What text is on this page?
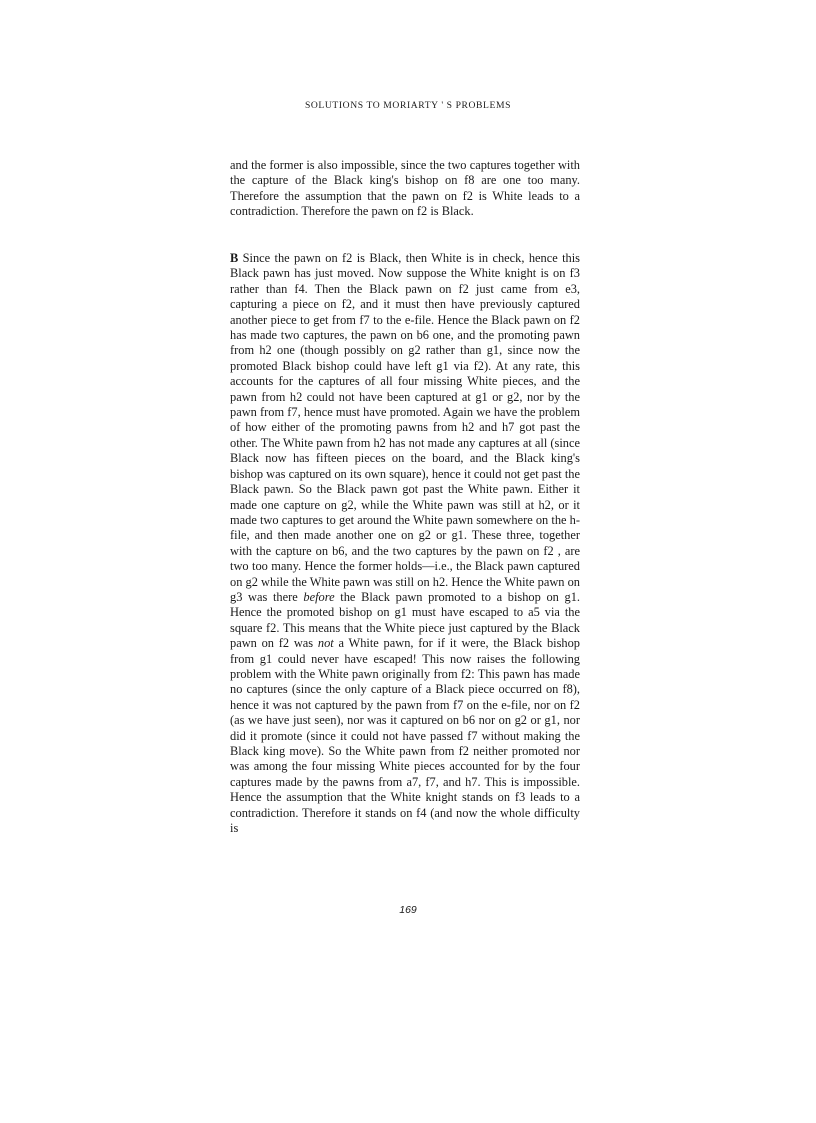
SOLUTIONS TO MORIARTY ' S PROBLEMS

and the former is also impossible, since the two captures together with the capture of the Black king's bishop on f8 are one too many. Therefore the assumption that the pawn on f2 is White leads to a contradiction. Therefore the pawn on f2 is Black.

B Since the pawn on f2 is Black, then White is in check, hence this Black pawn has just moved. Now suppose the White knight is on f3 rather than f4. Then the Black pawn on f2 just came from e3, capturing a piece on f2, and it must then have previously captured another piece to get from f7 to the e-file. Hence the Black pawn on f2 has made two captures, the pawn on b6 one, and the promoting pawn from h2 one (though possibly on g2 rather than g1, since now the promoted Black bishop could have left g1 via f2). At any rate, this accounts for the captures of all four missing White pieces, and the pawn from h2 could not have been captured at g1 or g2, nor by the pawn from f7, hence must have promoted. Again we have the problem of how either of the promoting pawns from h2 and h7 got past the other. The White pawn from h2 has not made any captures at all (since Black now has fifteen pieces on the board, and the Black king's bishop was captured on its own square), hence it could not get past the Black pawn. So the Black pawn got past the White pawn. Either it made one capture on g2, while the White pawn was still at h2, or it made two captures to get around the White pawn somewhere on the h-file, and then made another one on g2 or g1. These three, together with the capture on b6, and the two captures by the pawn on f2 , are two too many. Hence the former holds—i.e., the Black pawn captured on g2 while the White pawn was still on h2. Hence the White pawn on g3 was there before the Black pawn promoted to a bishop on g1. Hence the promoted bishop on g1 must have escaped to a5 via the square f2. This means that the White piece just captured by the Black pawn on f2 was not a White pawn, for if it were, the Black bishop from g1 could never have escaped! This now raises the following problem with the White pawn originally from f2: This pawn has made no captures (since the only capture of a Black piece occurred on f8), hence it was not captured by the pawn from f7 on the e-file, nor on f2 (as we have just seen), nor was it captured on b6 nor on g2 or g1, nor did it promote (since it could not have passed f7 without making the Black king move). So the White pawn from f2 neither promoted nor was among the four missing White pieces accounted for by the four captures made by the pawns from a7, f7, and h7. This is impossible. Hence the assumption that the White knight stands on f3 leads to a contradiction. Therefore it stands on f4 (and now the whole difficulty is

169
